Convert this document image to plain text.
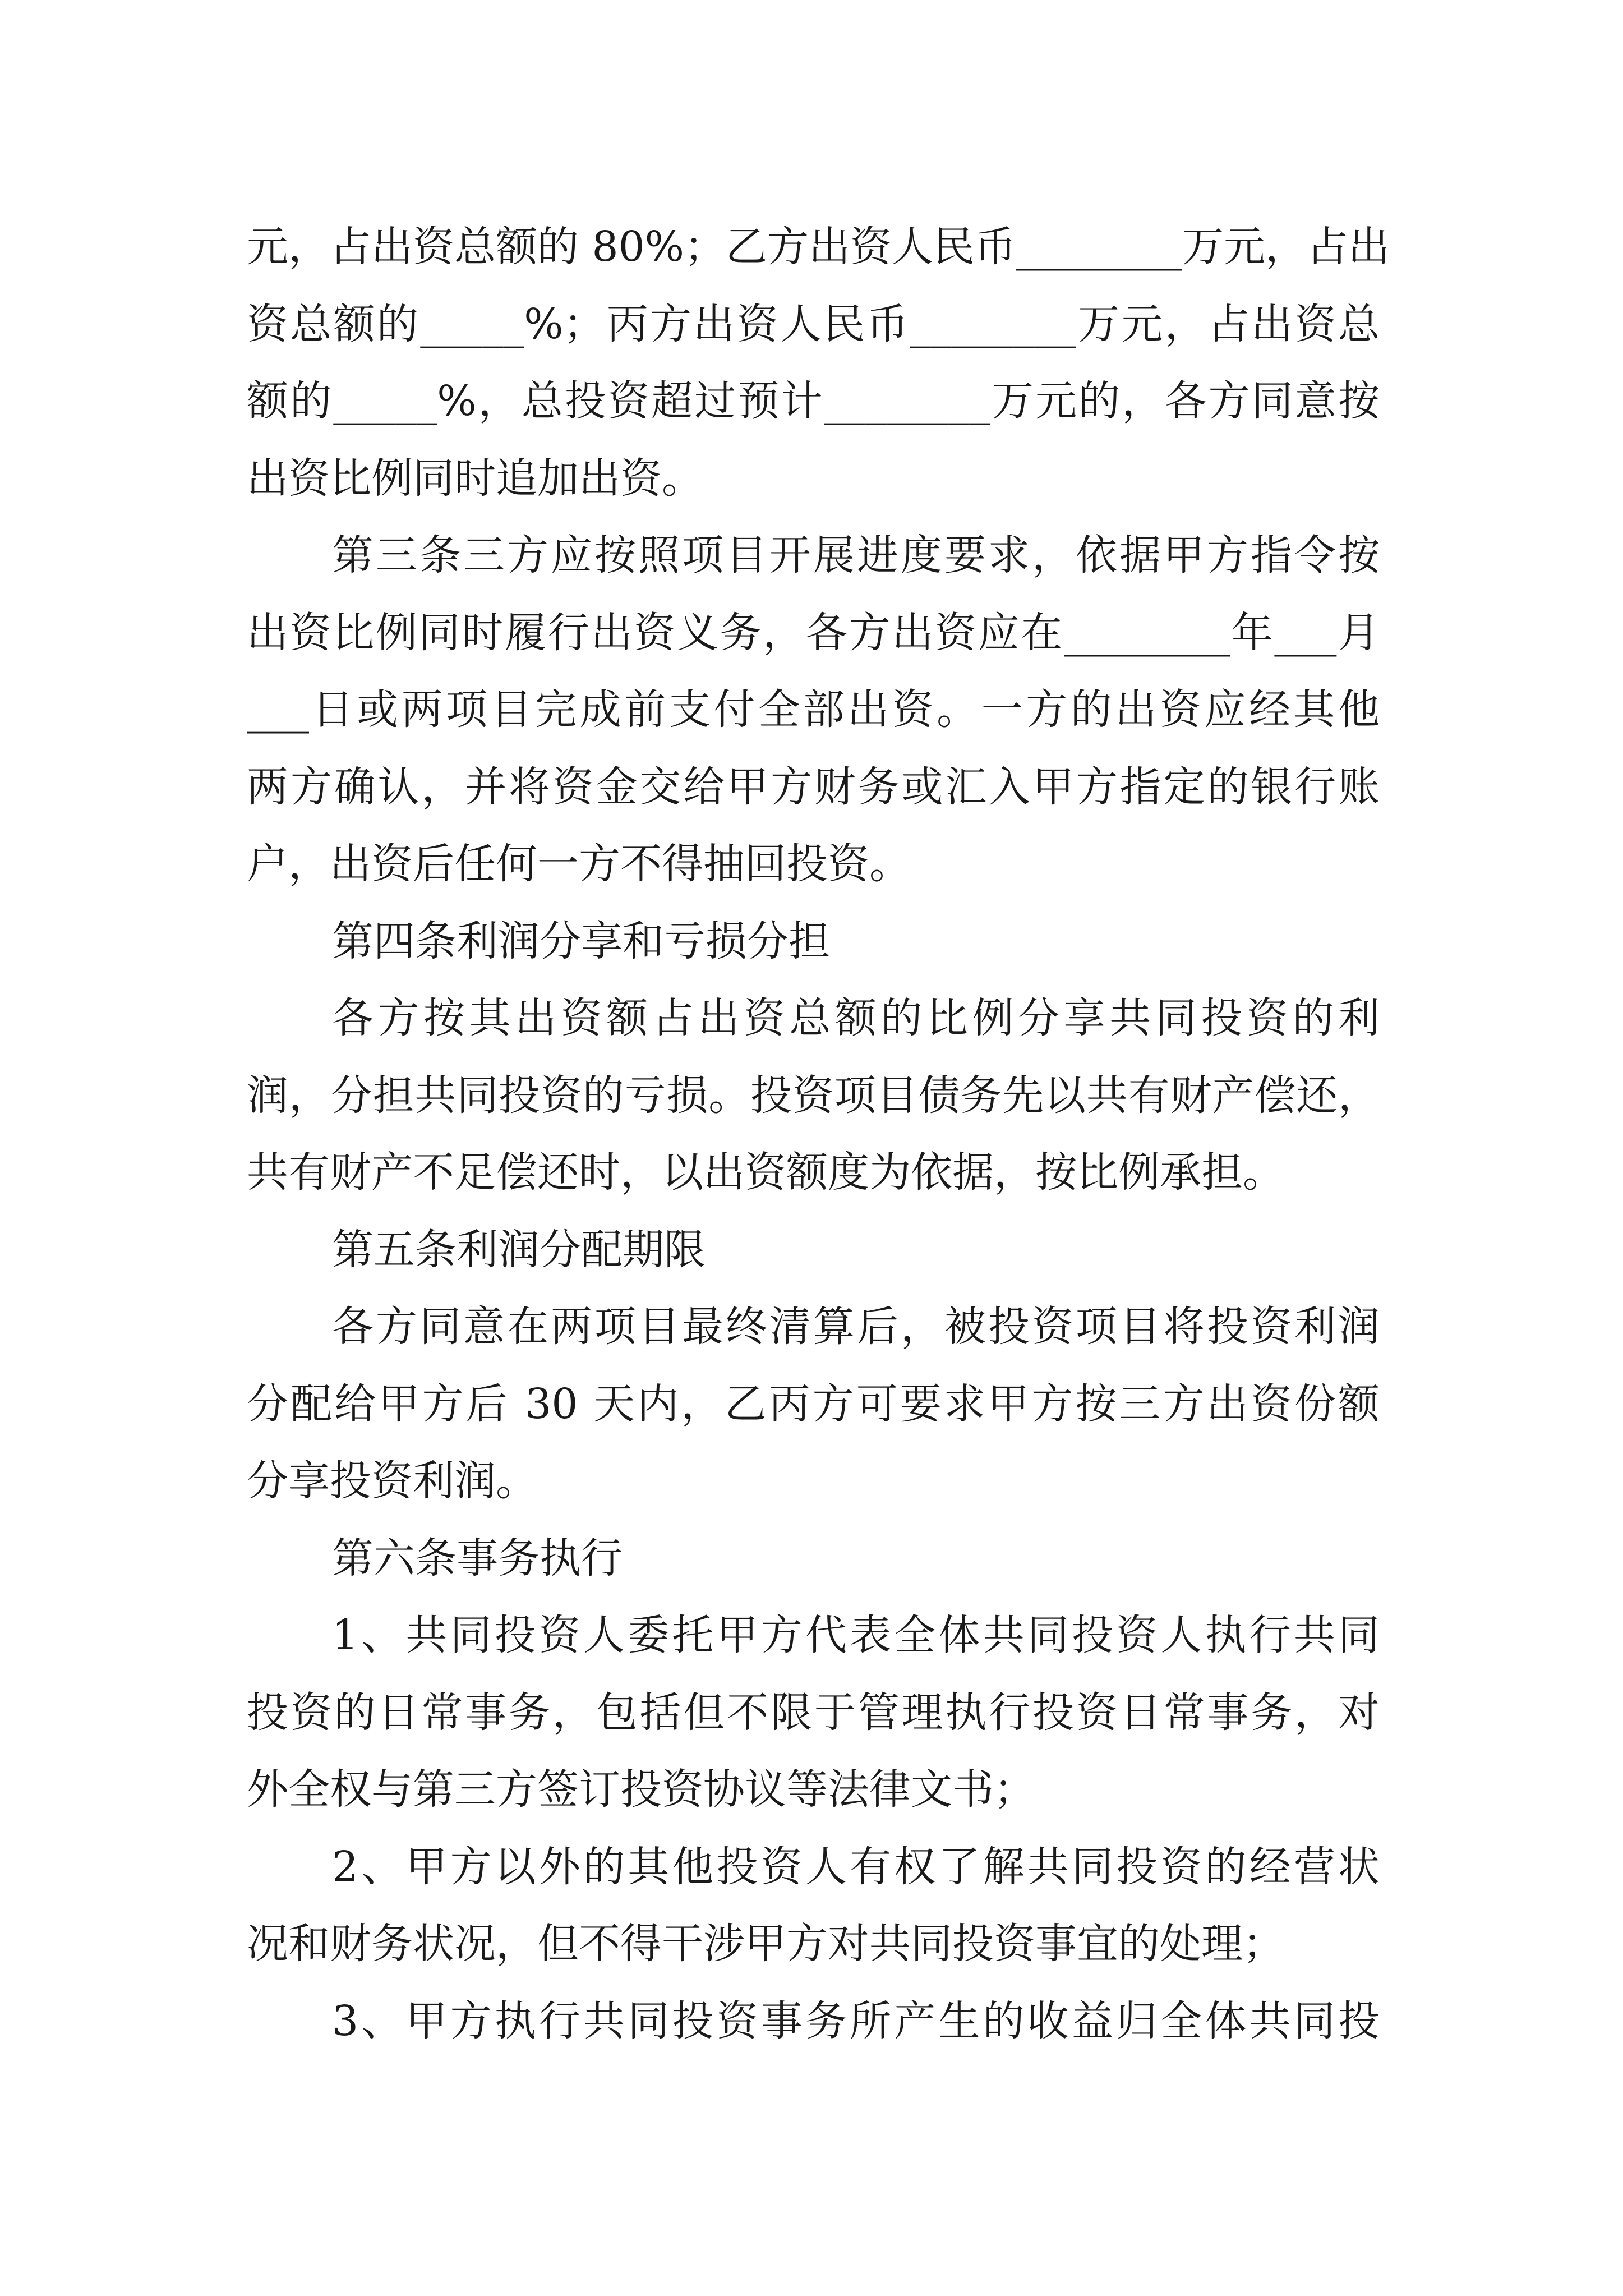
元，占出资总额的 80%；乙方出资人民币________万元，占出
资总额的_____%；丙方出资人民币________万元，占出资总
额的_____%，总投资超过预计________万元的，各方同意按
出资比例同时追加出资。
第三条三方应按照项目开展进度要求，依据甲方指令按
出资比例同时履行出资义务，各方出资应在________年___月
___日或两项目完成前支付全部出资。一方的出资应经其他
两方确认，并将资金交给甲方财务或汇入甲方指定的银行账
户，出资后任何一方不得抽回投资。
第四条利润分享和亏损分担
各方按其出资额占出资总额的比例分享共同投资的利
润，分担共同投资的亏损。投资项目债务先以共有财产偿还，
共有财产不足偿还时，以出资额度为依据，按比例承担。
第五条利润分配期限
各方同意在两项目最终清算后，被投资项目将投资利润
分配给甲方后 30 天内，乙丙方可要求甲方按三方出资份额
分享投资利润。
第六条事务执行
1、共同投资人委托甲方代表全体共同投资人执行共同
投资的日常事务，包括但不限于管理执行投资日常事务，对
外全权与第三方签订投资协议等法律文书；
2、甲方以外的其他投资人有权了解共同投资的经营状
况和财务状况，但不得干涉甲方对共同投资事宜的处理；
3、甲方执行共同投资事务所产生的收益归全体共同投
